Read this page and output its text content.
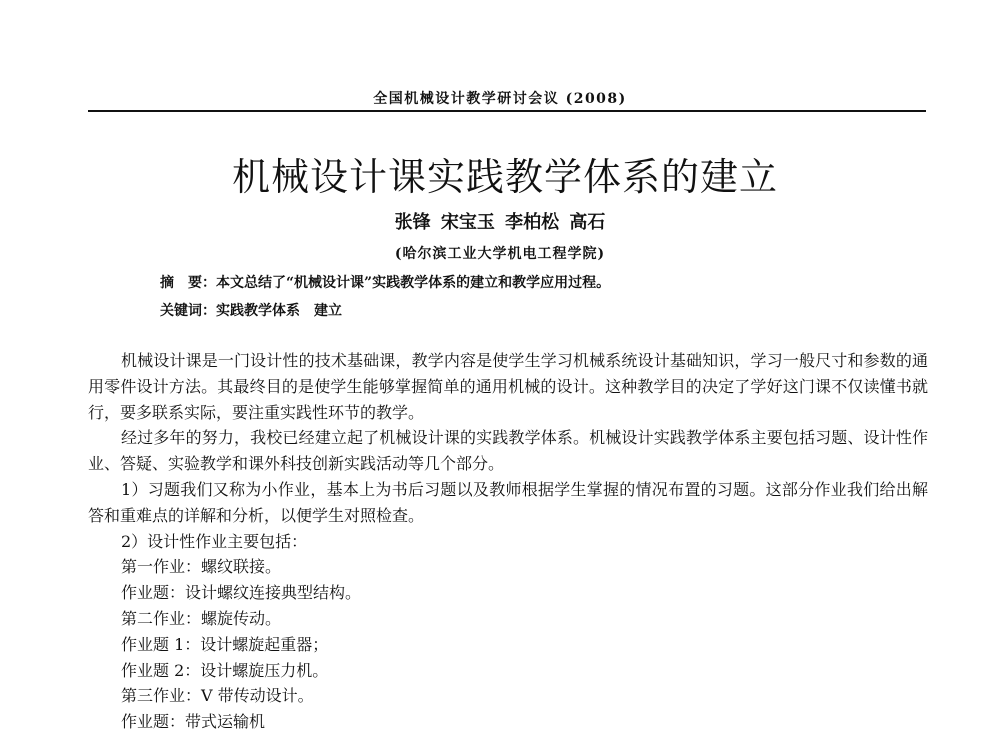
全国机械设计教学研讨会议 (2008)
机械设计课实践教学体系的建立
张锋 宋宝玉 李柏松 高石
(哈尔滨工业大学机电工程学院)
摘　要：本文总结了“机械设计课”实践教学体系的建立和教学应用过程。
关键词：实践教学体系　建立

机械设计课是一门设计性的技术基础课，教学内容是使学生学习机械系统设计基础知识，学习一般尺寸和参数的通用零件设计方法。其最终目的是使学生能够掌握简单的通用机械的设计。这种教学目的决定了学好这门课不仅读懂书就行，要多联系实际，要注重实践性环节的教学。

经过多年的努力，我校已经建立起了机械设计课的实践教学体系。机械设计实践教学体系主要包括习题、设计性作业、答疑、实验教学和课外科技创新实践活动等几个部分。

1）习题我们又称为小作业，基本上为书后习题以及教师根据学生掌握的情况布置的习题。这部分作业我们给出解答和重难点的详解和分析，以便学生对照检查。

2）设计性作业主要包括：

第一作业：螺纹联接。

作业题：设计螺纹连接典型结构。

第二作业：螺旋传动。

作业题 1：设计螺旋起重器；

作业题 2：设计螺旋压力机。

第三作业：V 带传动设计。

作业题：带式运输机
